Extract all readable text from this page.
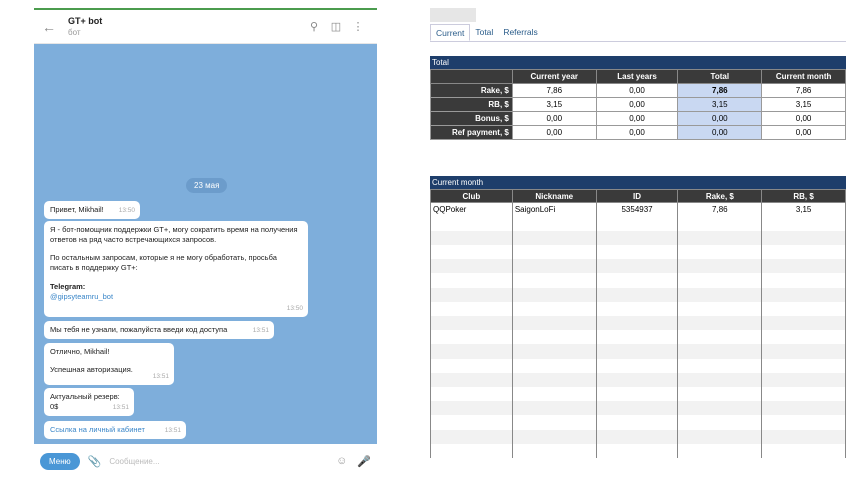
←	GT+ bot
бот	⚲	◫	⋮
23 мая
Привет, Mikhail! 13:50
Я - бот-помощник поддержки GT+, могу сократить время на получения ответов на ряд часто встречающихся запросов.
По остальным запросам, которые я не могу обработать, просьба писать в поддержку GT+:
Telegram:
@gipsyteamru_bot
13:50
Мы тебя не узнали, пожалуйста введи код доступа	13:51
Отлично, Mikhail!
Успешная авторизация.
13:51
Актуальный резерв:
0$	13:51
Ссылка на личный кабинет	13:51
Меню	📎 Сообщение...	☺ 🎤
Current	Total	Referrals
Total
	Current year	Last years	Total	Current month
Rake, $	7,86	0,00	7,86	7,86
RB, $	3,15	0,00	3,15	3,15
Bonus, $	0,00	0,00	0,00	0,00
Ref payment, $	0,00	0,00	0,00	0,00
Current month
Club	Nickname	ID	Rake, $	RB, $
QQPoker	SaigonLoFi	5354937	7,86	3,15
